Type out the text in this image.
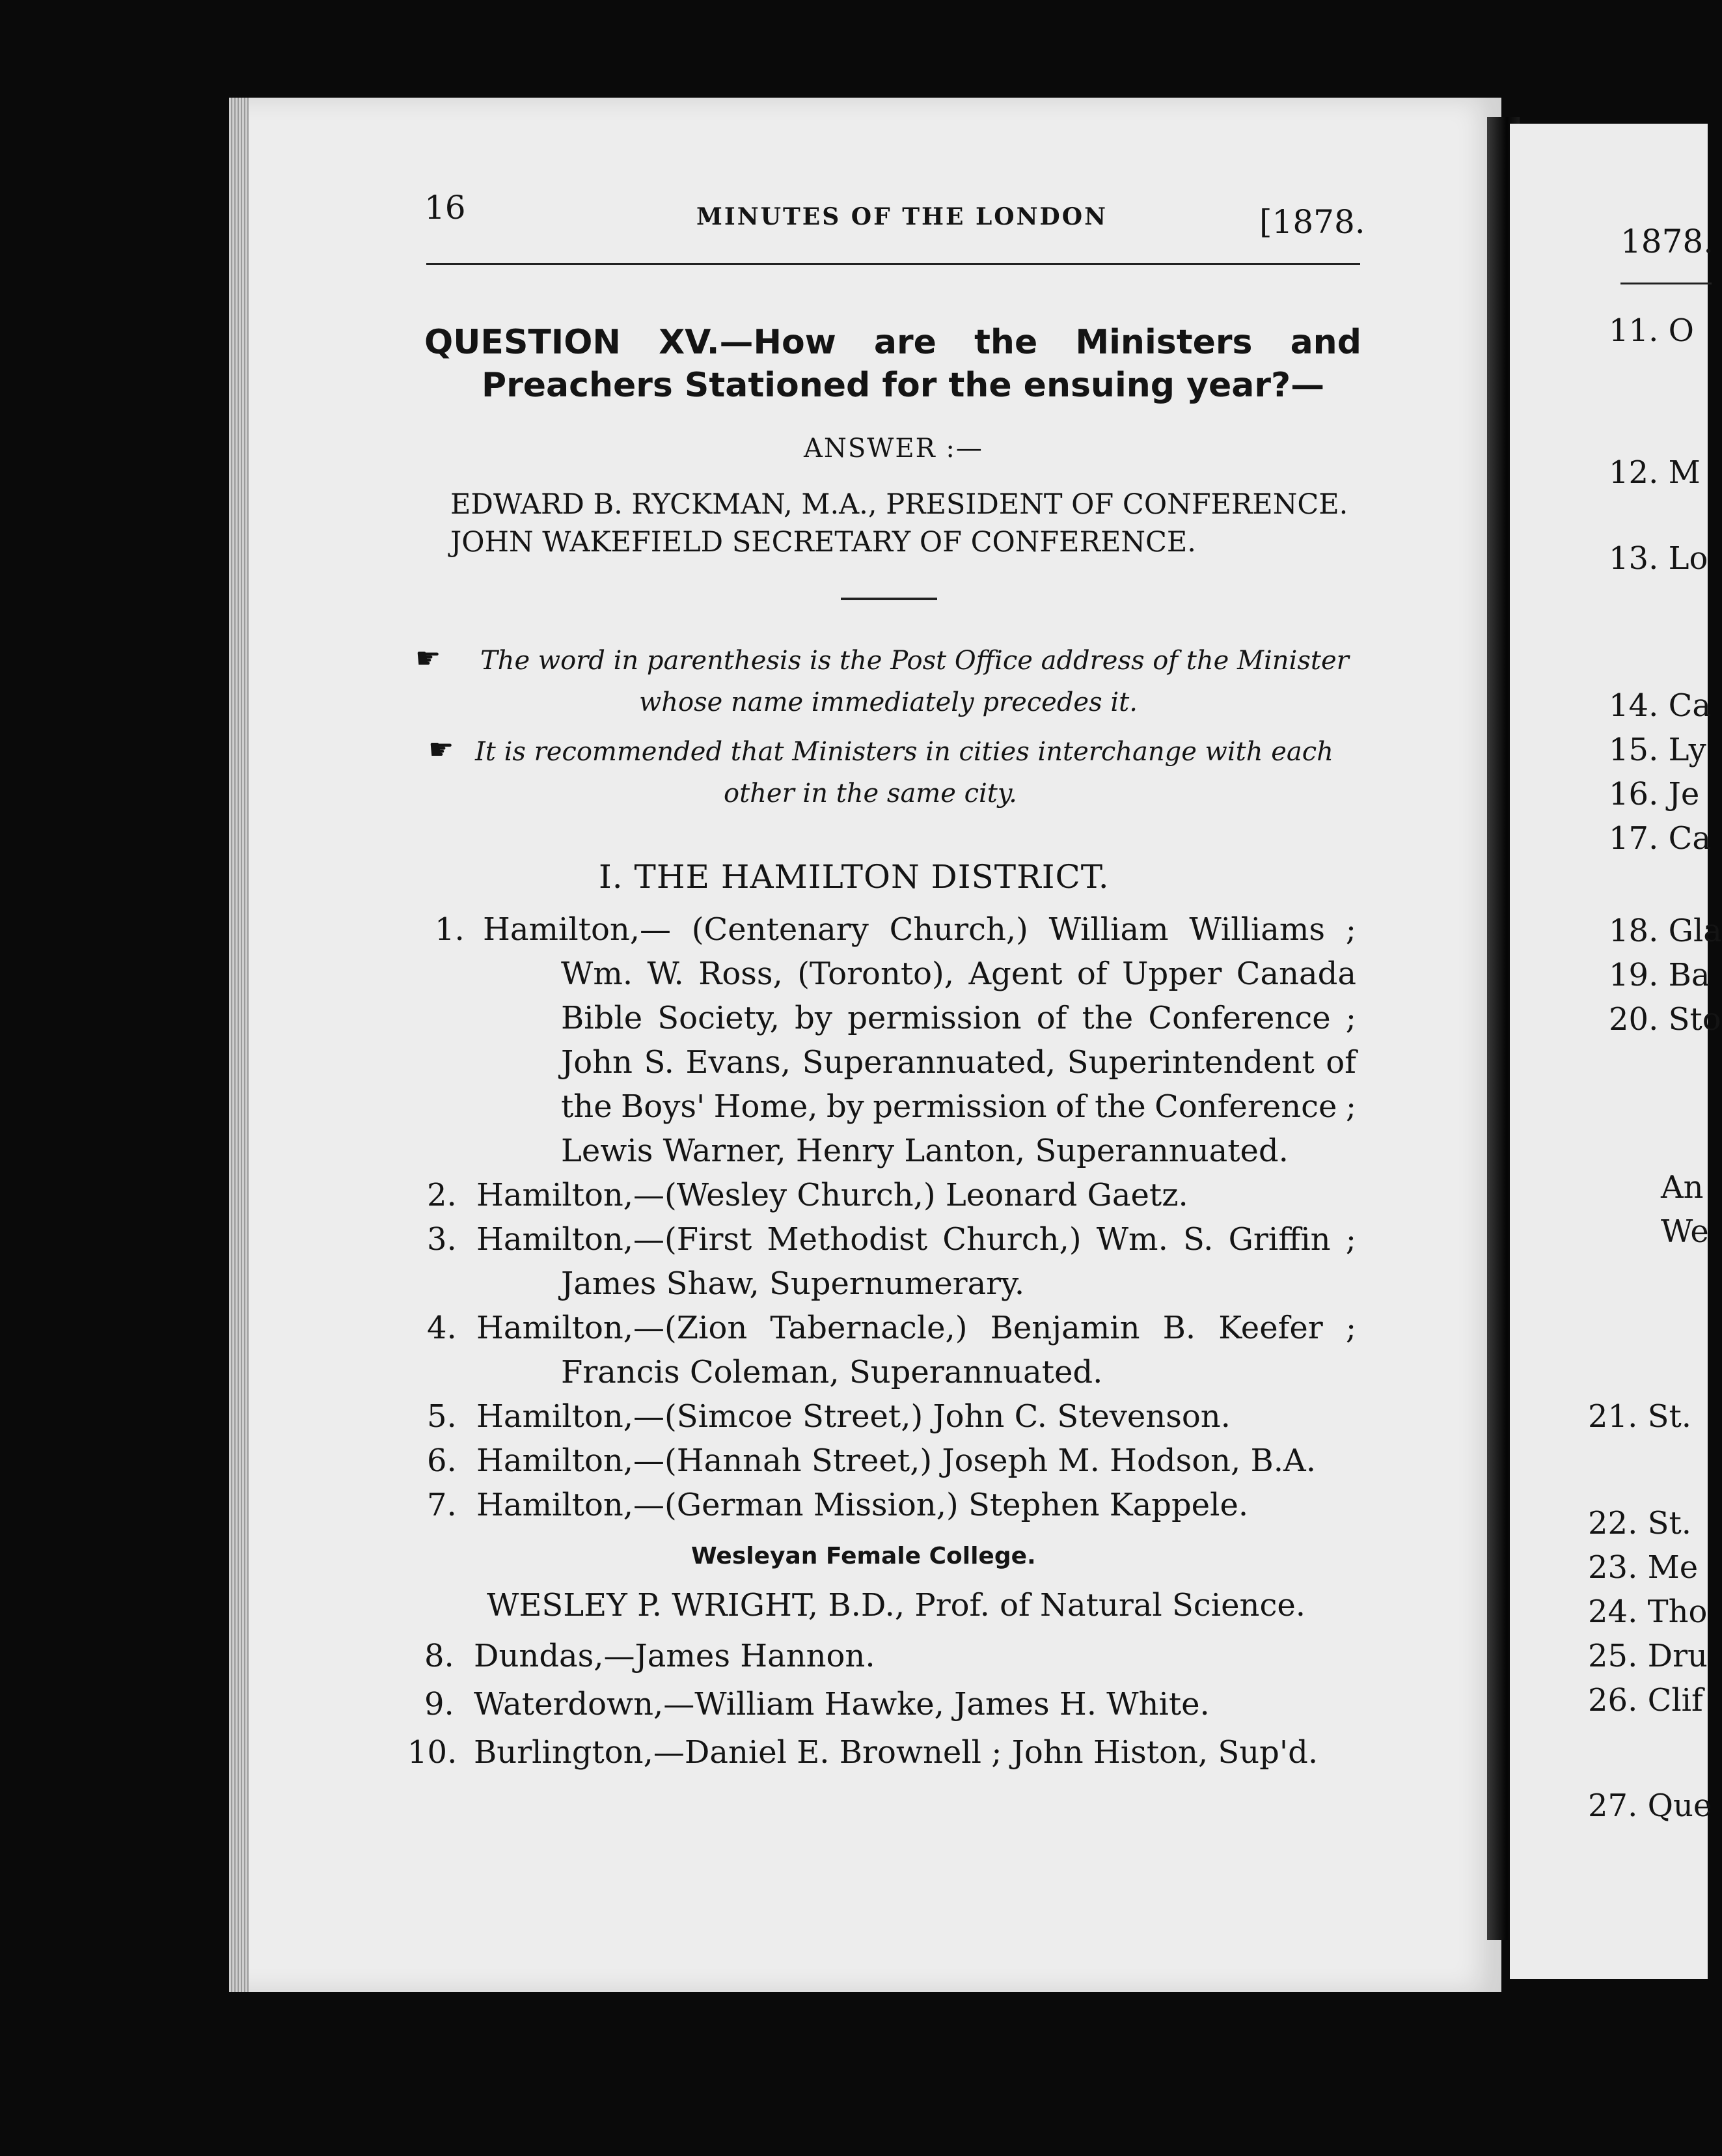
16	MINUTES OF THE LONDON	[1878.
QUESTION XV.—How are the Ministers and
Preachers Stationed for the ensuing year?—
ANSWER :—
EDWARD B. RYCKMAN, M.A., PRESIDENT OF CONFERENCE.
JOHN WAKEFIELD SECRETARY OF CONFERENCE.
☛ The word in parenthesis is the Post Office address of the Minister
whose name immediately precedes it.
☛ It is recommended that Ministers in cities interchange with each
other in the same city.
I. THE HAMILTON DISTRICT.
1. Hamilton,— (Centenary Church,) William Williams ;
Wm. W. Ross, (Toronto), Agent of Upper Canada
Bible Society, by permission of the Conference ;
John S. Evans, Superannuated, Superintendent of
the Boys' Home, by permission of the Conference ;
Lewis Warner, Henry Lanton, Superannuated.
2. Hamilton,—(Wesley Church,) Leonard Gaetz.
3. Hamilton,—(First Methodist Church,) Wm. S. Griffin ;
James Shaw, Supernumerary.
4. Hamilton,—(Zion Tabernacle,) Benjamin B. Keefer ;
Francis Coleman, Superannuated.
5. Hamilton,—(Simcoe Street,) John C. Stevenson.
6. Hamilton,—(Hannah Street,) Joseph M. Hodson, B.A.
7. Hamilton,—(German Mission,) Stephen Kappele.
Wesleyan Female College.
WESLEY P. WRIGHT, B.D., Prof. of Natural Science.
8. Dundas,—James Hannon.
9. Waterdown,—William Hawke, James H. White.
10. Burlington,—Daniel E. Brownell ; John Histon, Sup'd.
1878.
11. O
12. M
13. Lo
14. Ca
15. Ly
16. Je
17. Ca
18. Gla
19. Ba
20. Sto
An
We
21. St.
22. St.
23. Me
24. Tho
25. Dru
26. Clif
27. Que
